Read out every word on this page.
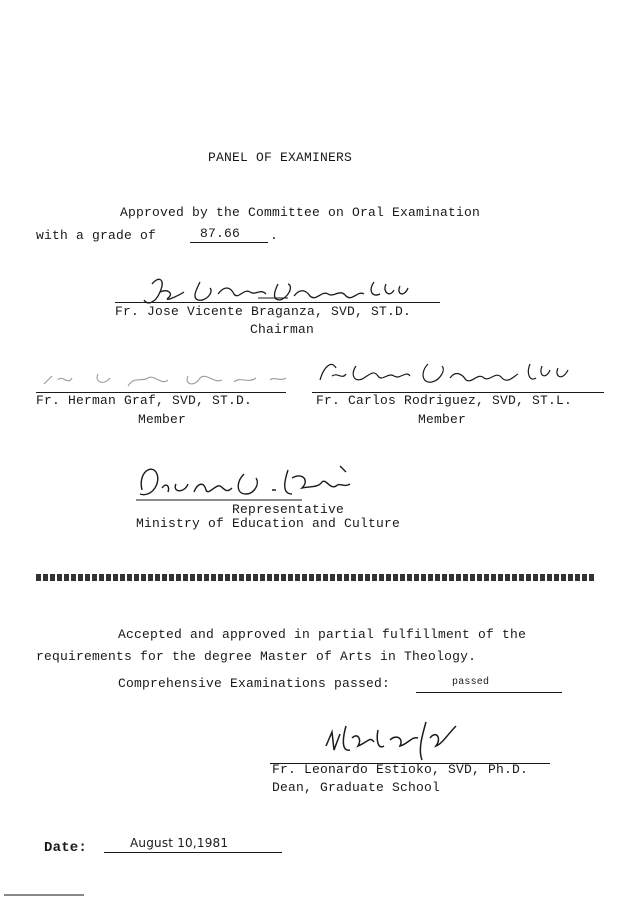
PANEL OF EXAMINERS
Approved by the Committee on Oral Examination
with a grade of	87.66 .
Fr. Jose Vicente Braganza, SVD, ST.D.
Chairman
Fr. Herman Graf, SVD, ST.D.
Member
Fr. Carlos Rodriguez, SVD, ST.L.
Member
Representative
Ministry of Education and Culture
Accepted and approved in partial fulfillment of the
requirements for the degree Master of Arts in Theology.
Comprehensive Examinations passed:	passed
Fr. Leonardo Estioko, SVD, Ph.D.
Dean, Graduate School
Date:	August 10,1981
